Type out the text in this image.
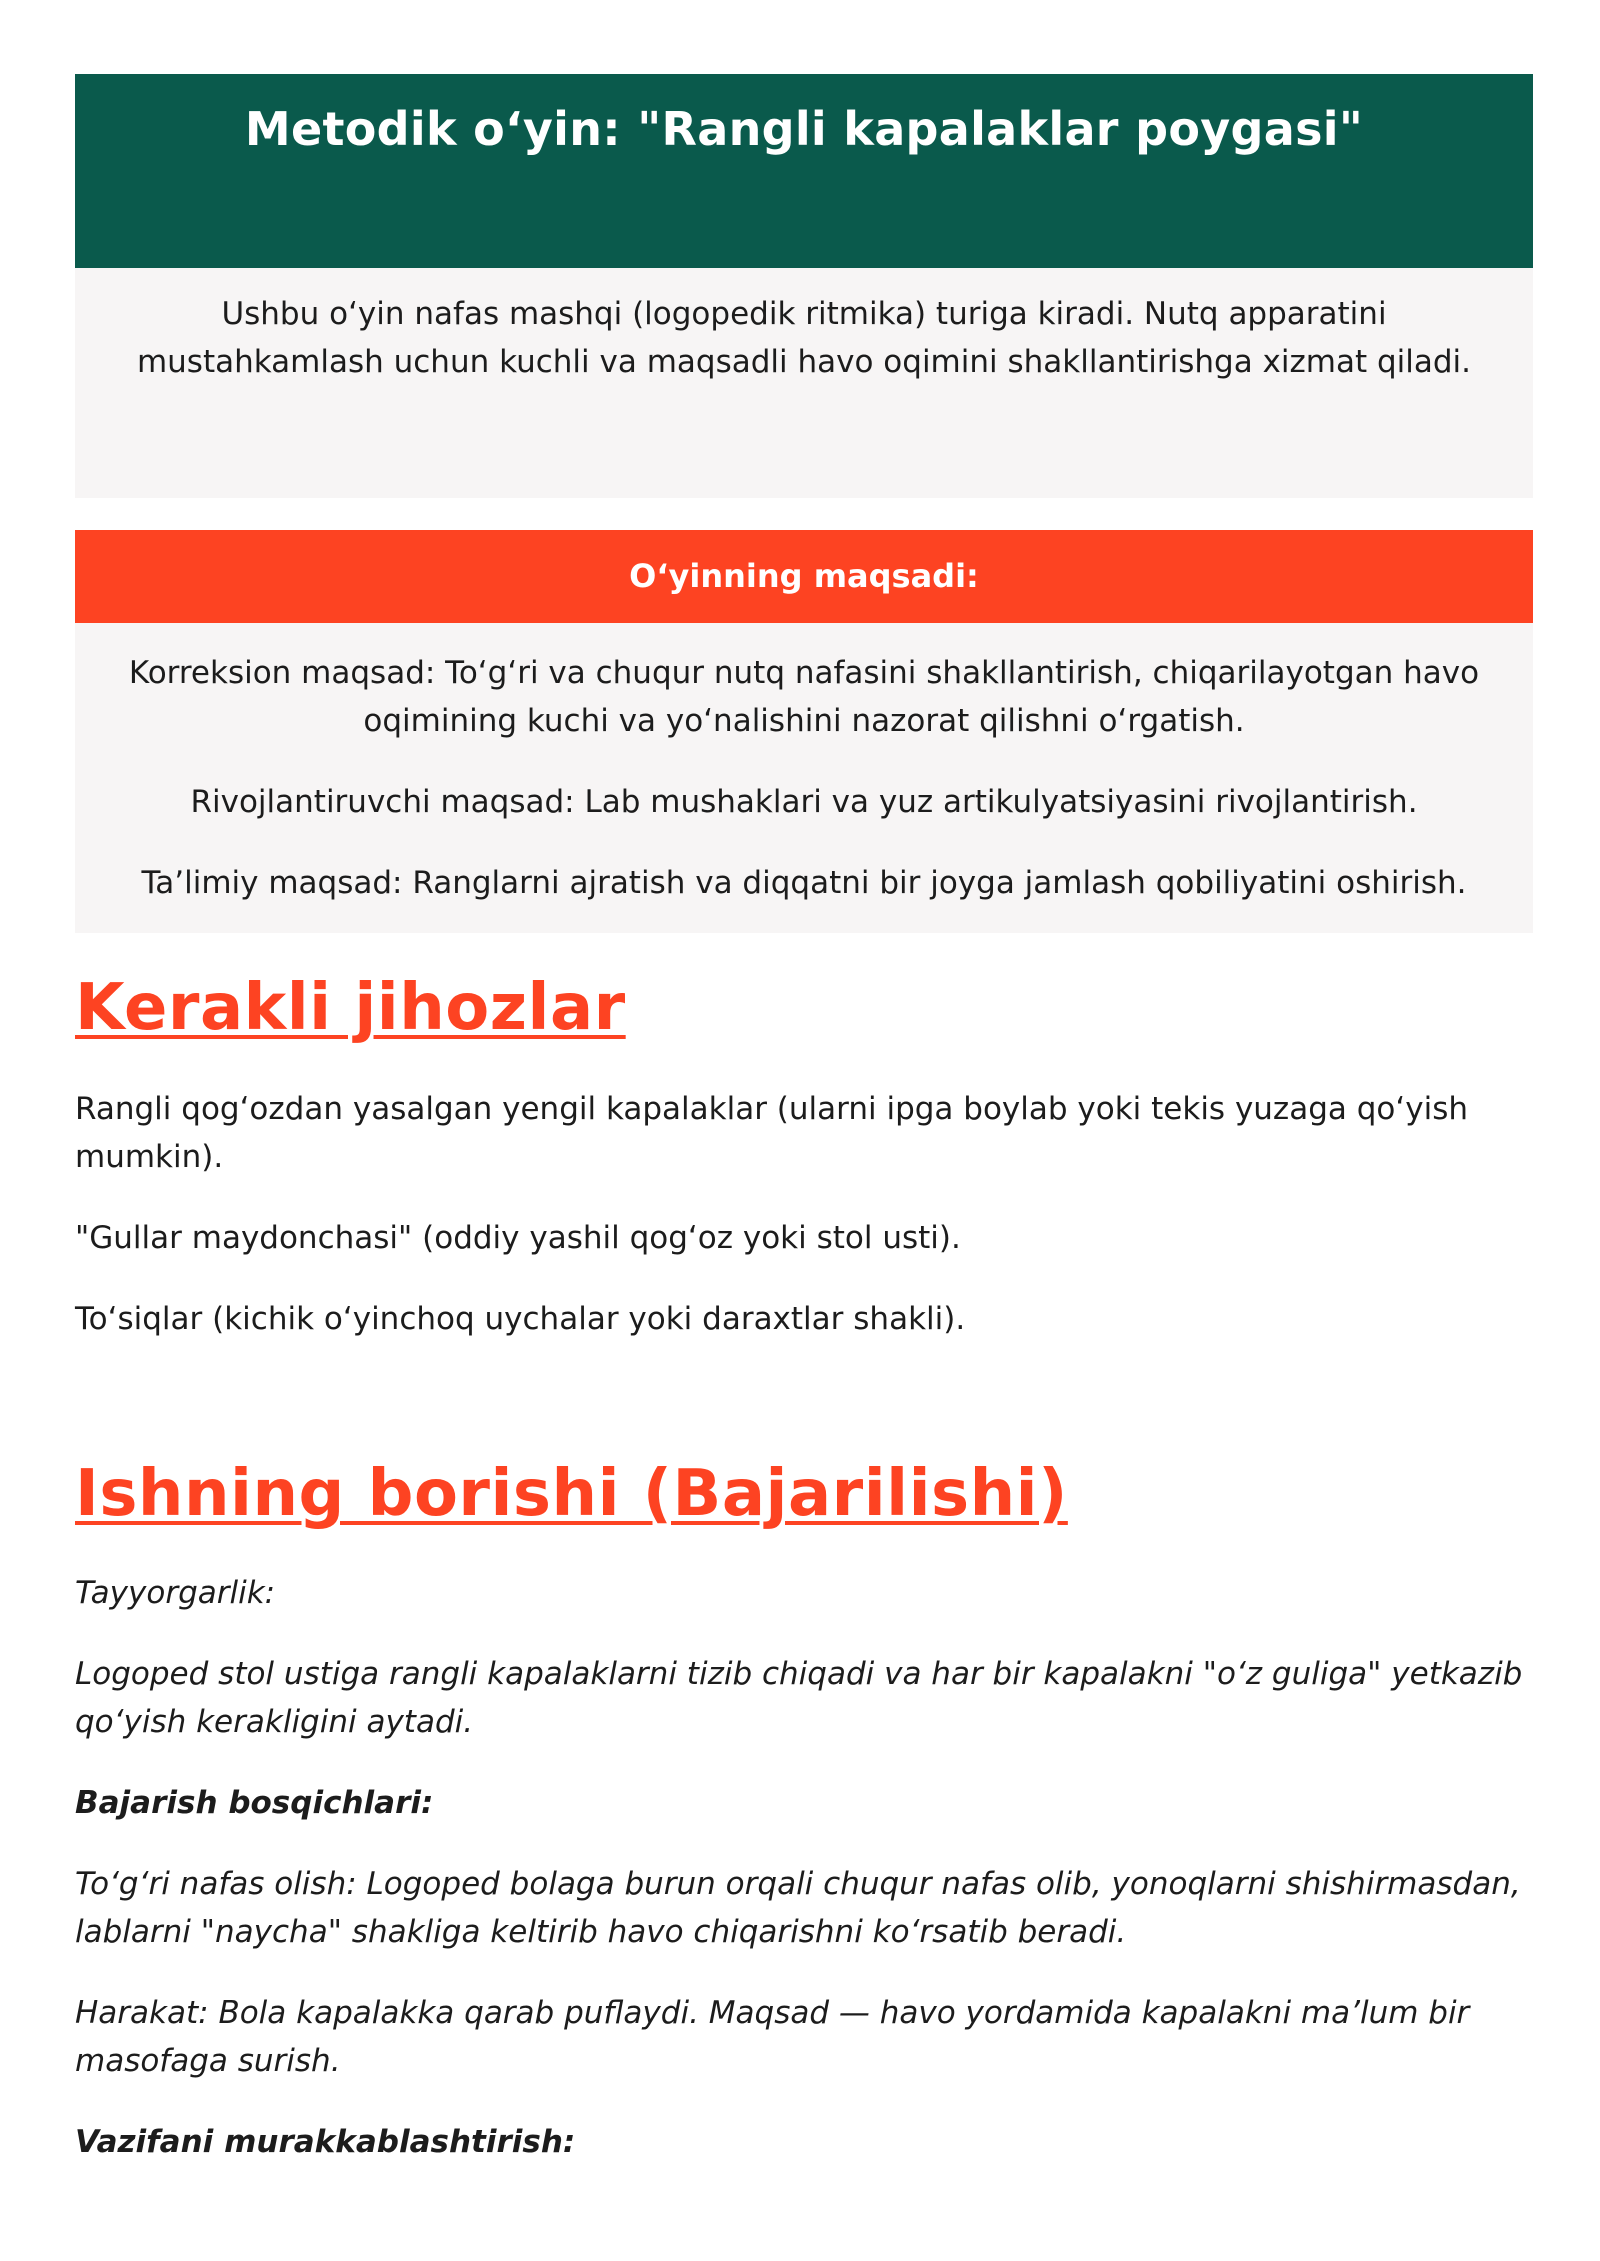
Metodik o‘yin: "Rangli kapalaklar poygasi"

Ushbu o‘yin nafas mashqi (logopedik ritmika) turiga kiradi. Nutq apparatini mustahkamlash uchun kuchli va maqsadli havo oqimini shakllantirishga xizmat qiladi.

O‘yinning maqsadi:

Korreksion maqsad: To‘g‘ri va chuqur nutq nafasini shakllantirish, chiqarilayotgan havo oqimining kuchi va yo‘nalishini nazorat qilishni o‘rgatish.

Rivojlantiruvchi maqsad: Lab mushaklari va yuz artikulyatsiyasini rivojlantirish.

Ta’limiy maqsad: Ranglarni ajratish va diqqatni bir joyga jamlash qobiliyatini oshirish.

Kerakli jihozlar

Rangli qog‘ozdan yasalgan yengil kapalaklar (ularni ipga boylab yoki tekis yuzaga qo‘yish mumkin).

"Gullar maydonchasi" (oddiy yashil qog‘oz yoki stol usti).

To‘siqlar (kichik o‘yinchoq uychalar yoki daraxtlar shakli).

Ishning borishi (Bajarilishi)

Tayyorgarlik:

Logoped stol ustiga rangli kapalaklarni tizib chiqadi va har bir kapalakni "o‘z guliga" yetkazib qo‘yish kerakligini aytadi.

Bajarish bosqichlari:

To‘g‘ri nafas olish: Logoped bolaga burun orqali chuqur nafas olib, yonoqlarni shishirmasdan, lablarni "naycha" shakliga keltirib havo chiqarishni ko‘rsatib beradi.

Harakat: Bola kapalakka qarab puflaydi. Maqsad — havo yordamida kapalakni ma’lum bir masofaga surish.

Vazifani murakkablashtirish:
